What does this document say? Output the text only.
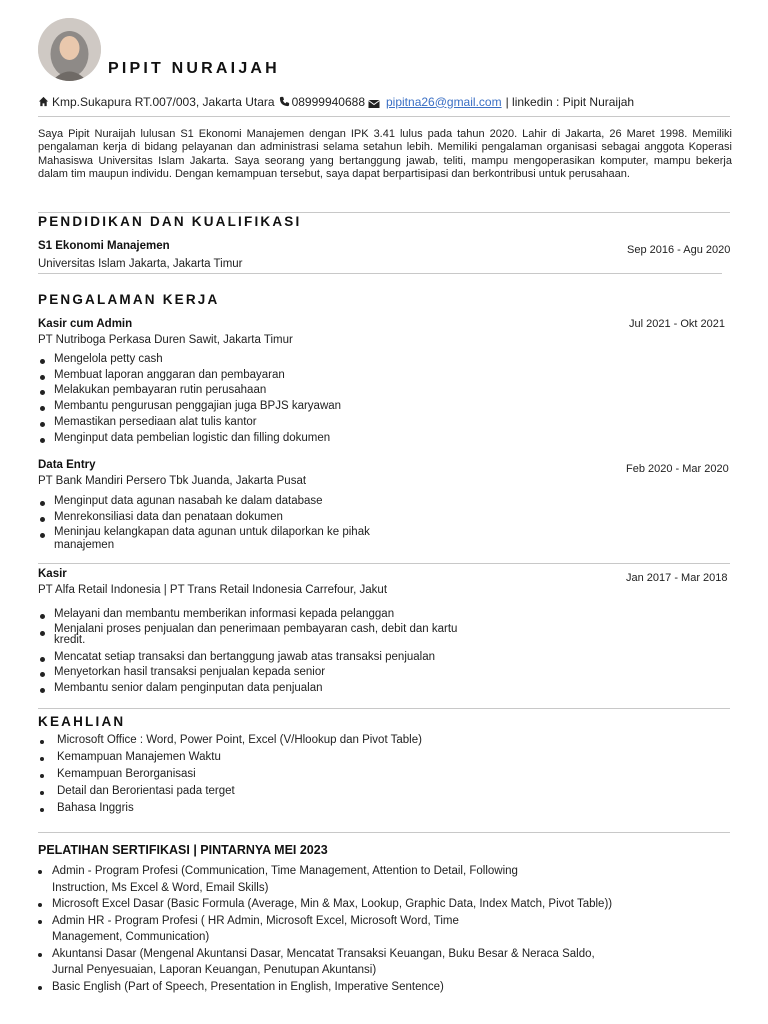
PIPIT NURAIJAH
Kmp.Sukapura RT.007/003, Jakarta Utara 08999940688 pipitna26@gmail.com | linkedin : Pipit Nuraijah
Saya Pipit Nuraijah lulusan S1 Ekonomi Manajemen dengan IPK 3.41 lulus pada tahun 2020. Lahir di Jakarta, 26 Maret 1998. Memiliki pengalaman kerja di bidang pelayanan dan administrasi selama setahun lebih. Memiliki pengalaman organisasi sebagai anggota Koperasi Mahasiswa Universitas Islam Jakarta. Saya seorang yang bertanggung jawab, teliti, mampu mengoperasikan komputer, mampu bekerja dalam tim maupun individu. Dengan kemampuan tersebut, saya dapat berpartisipasi dan berkontribusi untuk perusahaan.
PENDIDIKAN DAN KUALIFIKASI
S1 Ekonomi Manajemen	Sep 2016 - Agu 2020
Universitas Islam Jakarta, Jakarta Timur
PENGALAMAN KERJA
Kasir cum Admin	Jul 2021 - Okt 2021
PT Nutriboga Perkasa Duren Sawit, Jakarta Timur
Mengelola petty cash
Membuat laporan anggaran dan pembayaran
Melakukan pembayaran rutin perusahaan
Membantu pengurusan penggajian juga BPJS karyawan
Memastikan persediaan alat tulis kantor
Menginput data pembelian logistic dan filling dokumen
Data Entry	Feb 2020 - Mar 2020
PT Bank Mandiri Persero Tbk Juanda, Jakarta Pusat
Menginput data agunan nasabah ke dalam database
Menrekonsiliasi data dan penataan dokumen
Meninjau kelangkapan data agunan untuk dilaporkan ke pihak manajemen
Kasir	Jan 2017 - Mar 2018
PT Alfa Retail Indonesia | PT Trans Retail Indonesia Carrefour, Jakut
Melayani dan membantu memberikan informasi kepada pelanggan
Menjalani proses penjualan dan penerimaan pembayaran cash, debit dan kartu kredit.
Mencatat setiap transaksi dan bertanggung jawab atas transaksi penjualan
Menyetorkan hasil transaksi penjualan kepada senior
Membantu senior dalam penginputan data penjualan
KEAHLIAN
Microsoft Office : Word, Power Point, Excel (V/Hlookup dan Pivot Table)
Kemampuan Manajemen Waktu
Kemampuan Berorganisasi
Detail dan Berorientasi pada terget
Bahasa Inggris
PELATIHAN SERTIFIKASI | PINTARNYA MEI 2023
Admin - Program Profesi (Communication, Time Management, Attention to Detail, Following Instruction, Ms Excel & Word, Email Skills)
Microsoft Excel Dasar (Basic Formula (Average, Min & Max, Lookup, Graphic Data, Index Match, Pivot Table))
Admin HR - Program Profesi ( HR Admin, Microsoft Excel, Microsoft Word, Time Management, Communication)
Akuntansi Dasar (Mengenal Akuntansi Dasar, Mencatat Transaksi Keuangan, Buku Besar & Neraca Saldo, Jurnal Penyesuaian, Laporan Keuangan, Penutupan Akuntansi)
Basic English (Part of Speech, Presentation in English, Imperative Sentence)
